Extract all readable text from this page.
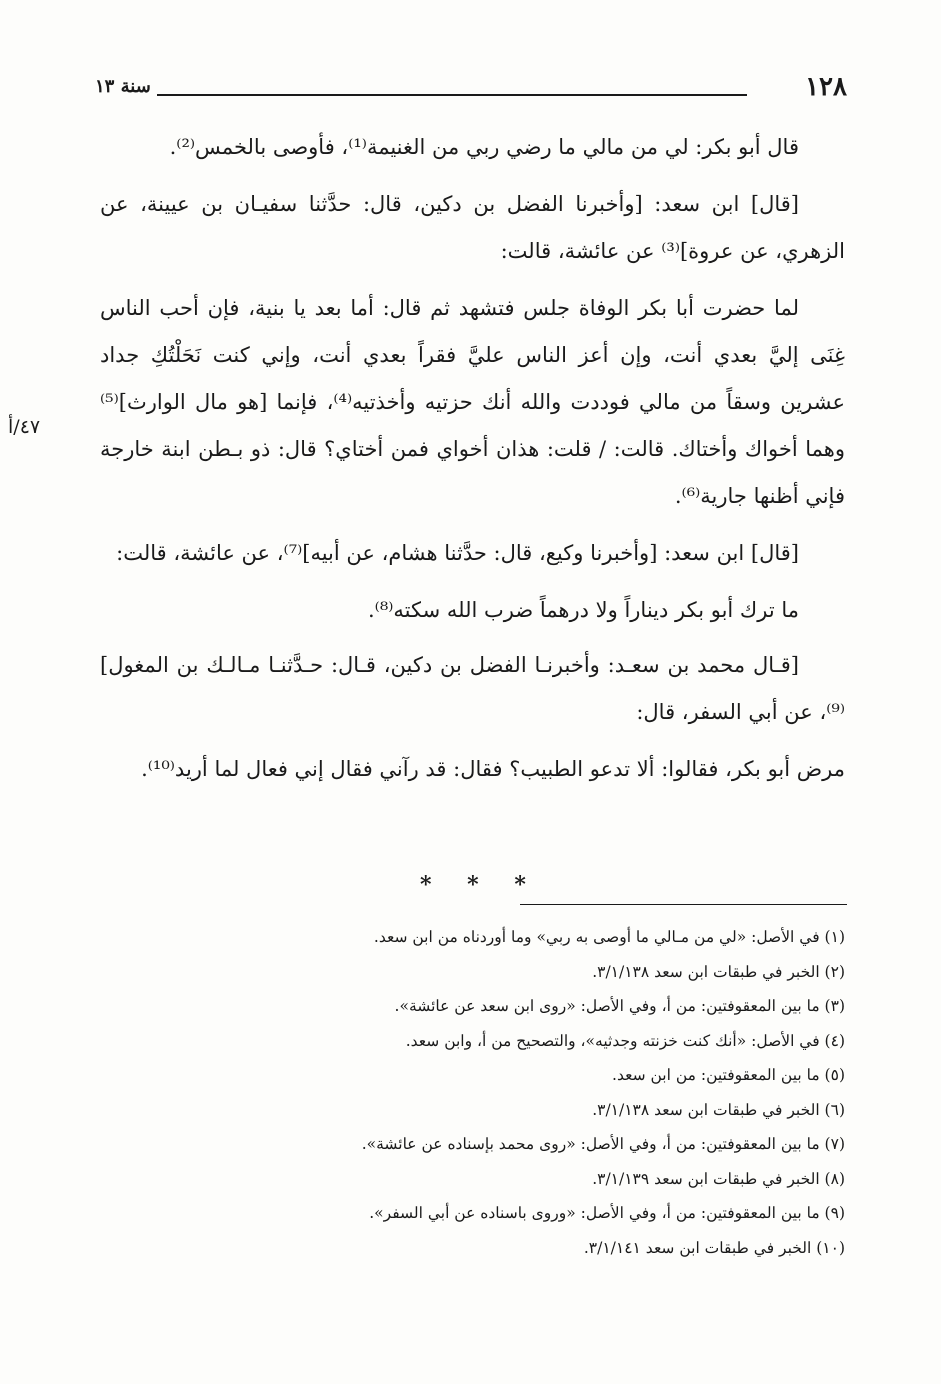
١٢٨
سنة ١٣
٤٧/أ

قال أبو بكر: لي من مالي ما رضي ربي من الغنيمة⁽¹⁾، فأوصى بالخمس⁽²⁾.

[قال] ابن سعد: [وأخبرنا الفضل بن دكين، قال: حدَّثنا سفيـان بن عيينة، عن الزهري، عن عروة]⁽³⁾ عن عائشة، قالت:

لما حضرت أبا بكر الوفاة جلس فتشهد ثم قال: أما بعد يا بنية، فإن أحب الناس غِنَى إليَّ بعدي أنت، وإن أعز الناس عليَّ فقراً بعدي أنت، وإني كنت نَحَلْتُكِ جداد عشرين وسقاً من مالي فوددت والله أنك حزتيه وأخذتيه⁽⁴⁾، فإنما [هو مال الوارث]⁽⁵⁾ وهما أخواك وأختاك. قالت: / قلت: هذان أخواي فمن أختاي؟ قال: ذو بـطن ابنة خارجة فإني أظنها جارية⁽⁶⁾.

[قال] ابن سعد: [وأخبرنا وكيع، قال: حدَّثنا هشام، عن أبيه]⁽⁷⁾، عن عائشة، قالت:

ما ترك أبو بكر ديناراً ولا درهماً ضرب الله سكته⁽⁸⁾.

[قـال محمد بن سعـد: وأخبرنـا الفضل بن دكين، قـال: حـدَّثنـا مـالـك بن المغول]⁽⁹⁾، عن أبي السفر، قال:

مرض أبو بكر، فقالوا: ألا تدعو الطبيب؟ فقال: قد رآني فقال إني فعال لما أريد⁽¹⁰⁾.

* * *

(١) في الأصل: «لي من مـالي ما أوصى به ربي» وما أوردناه من ابن سعد.

(٢) الخبر في طبقات ابن سعد ٣/١/١٣٨.

(٣) ما بين المعقوفتين: من أ، وفي الأصل: «روى ابن سعد عن عائشة».

(٤) في الأصل: «أنك كنت خزنته وجدثيه»، والتصحيح من أ، وابن سعد.

(٥) ما بين المعقوفتين: من ابن سعد.

(٦) الخبر في طبقات ابن سعد ٣/١/١٣٨.

(٧) ما بين المعقوفتين: من أ، وفي الأصل: «روى محمد بإسناده عن عائشة».

(٨) الخبر في طبقات ابن سعد ٣/١/١٣٩.

(٩) ما بين المعقوفتين: من أ، وفي الأصل: «وروى باسناده عن أبي السفر».

(١٠) الخبر في طبقات ابن سعد ٣/١/١٤١.
